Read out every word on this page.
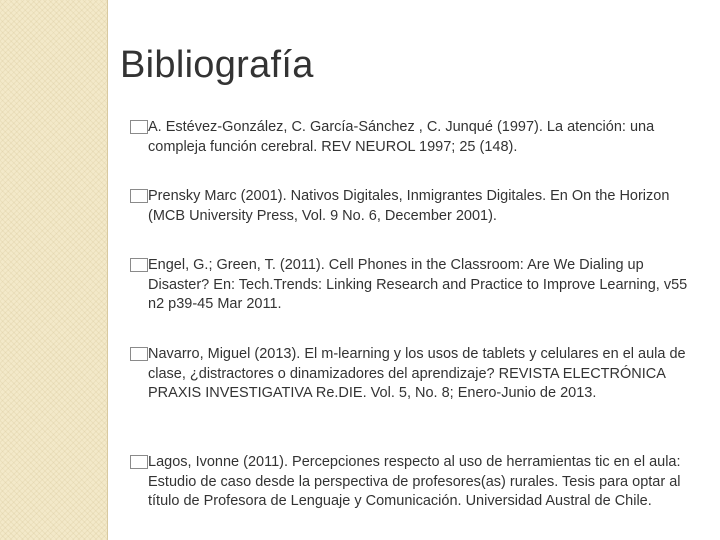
Bibliografía
A. Estévez-González, C. García-Sánchez , C. Junqué (1997). La atención: una compleja función cerebral. REV NEUROL 1997; 25 (148).
Prensky Marc (2001). Nativos Digitales, Inmigrantes Digitales. En On the Horizon (MCB University Press, Vol. 9 No. 6, December 2001).
Engel, G.; Green, T. (2011). Cell Phones in the Classroom: Are We Dialing up Disaster? En: Tech.Trends: Linking Research and Practice to Improve Learning, v55 n2 p39-45 Mar 2011.
Navarro, Miguel (2013). El m-learning y los usos de tablets y celulares en el aula de clase, ¿distractores o dinamizadores del aprendizaje? REVISTA ELECTRÓNICA PRAXIS INVESTIGATIVA Re.DIE. Vol. 5, No. 8; Enero-Junio de 2013.
Lagos, Ivonne (2011). Percepciones respecto al uso de herramientas tic en el aula: Estudio de caso desde la perspectiva de profesores(as) rurales. Tesis para optar al título de Profesora de Lenguaje y Comunicación. Universidad Austral de Chile.
